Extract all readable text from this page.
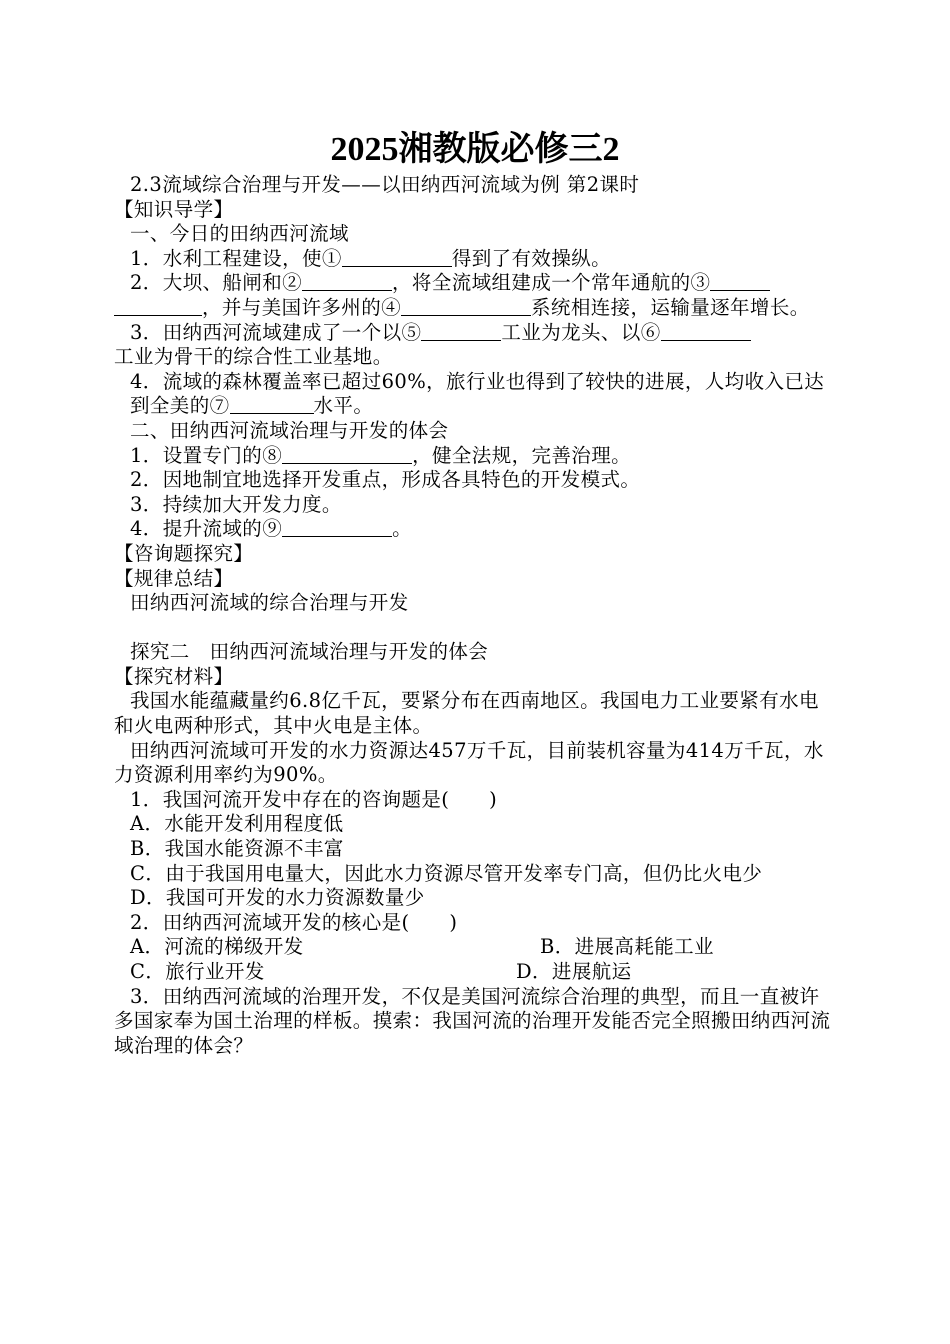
2025湘教版必修三2

2.3流域综合治理与开发——以田纳西河流域为例 第2课时

【知识导学】

一、今日的田纳西河流域

1．水利工程建设，使①	得到了有效操纵。

2．大坝、船闸和②	，将全流域组建成一个常年通航的③

，并与美国许多州的④	系统相连接，运输量逐年增长。

3．田纳西河流域建成了一个以⑤	工业为龙头、以⑥

工业为骨干的综合性工业基地。

4．流域的森林覆盖率已超过60%，旅行业也得到了较快的进展，人均收入已达到全美的⑦	水平。

二、田纳西河流域治理与开发的体会

1．设置专门的⑧	，健全法规，完善治理。

2．因地制宜地选择开发重点，形成各具特色的开发模式。

3．持续加大开发力度。

4．提升流域的⑨	。

【咨询题探究】

【规律总结】

田纳西河流域的综合治理与开发

探究二　田纳西河流域治理与开发的体会

【探究材料】

我国水能蕴藏量约6.8亿千瓦，要紧分布在西南地区。我国电力工业要紧有水电和火电两种形式，其中火电是主体。

田纳西河流域可开发的水力资源达457万千瓦，目前装机容量为414万千瓦，水力资源利用率约为90%。

1．我国河流开发中存在的咨询题是(　　)

A．水能开发利用程度低

B．我国水能资源不丰富

C．由于我国用电量大，因此水力资源尽管开发率专门高，但仍比火电少

D．我国可开发的水力资源数量少

2．田纳西河流域开发的核心是(　　)

A．河流的梯级开发	B．进展高耗能工业
C．旅行业开发	D．进展航运

3．田纳西河流域的治理开发，不仅是美国河流综合治理的典型，而且一直被许多国家奉为国土治理的样板。摸索：我国河流的治理开发能否完全照搬田纳西河流域治理的体会？
